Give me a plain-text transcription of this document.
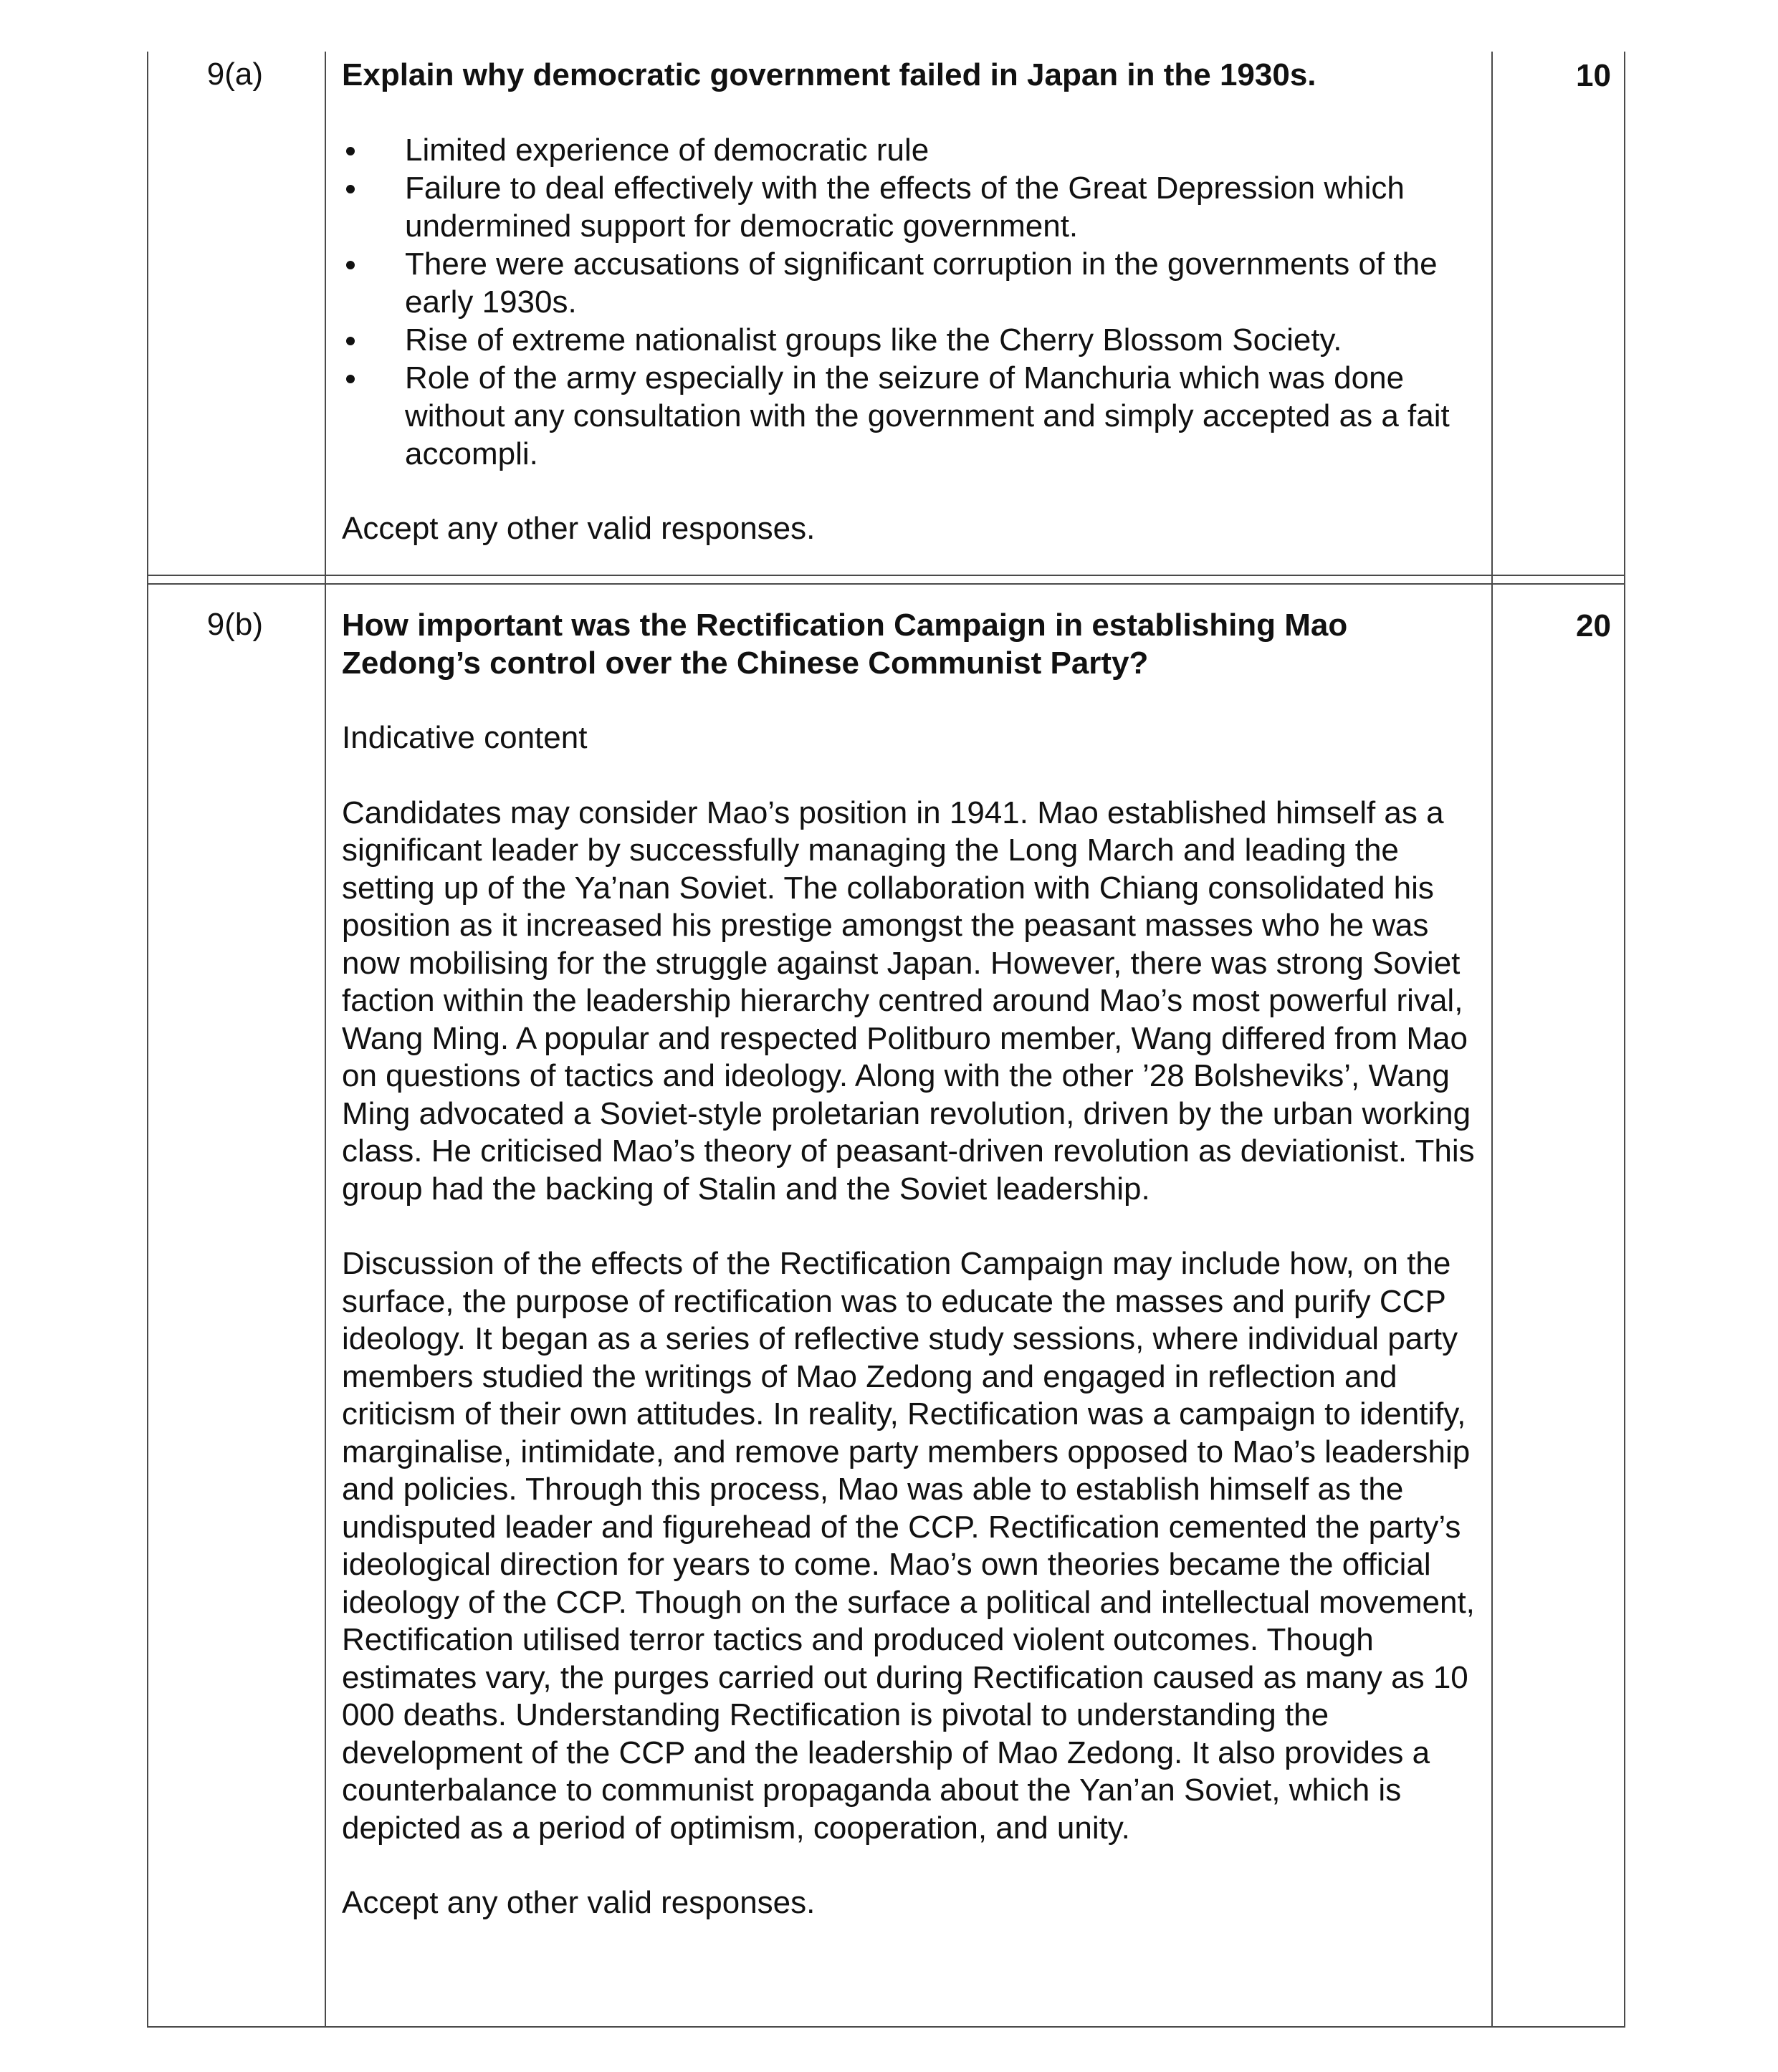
9(a)	Explain why democratic government failed in Japan in the 1930s.

Limited experience of democratic rule
Failure to deal effectively with the effects of the Great Depression which undermined support for democratic government.
There were accusations of significant corruption in the governments of the early 1930s.
Rise of extreme nationalist groups like the Cherry Blossom Society.
Role of the army especially in the seizure of Manchuria which was done without any consultation with the government and simply accepted as a fait accompli.

Accept any other valid responses.

10
9(b)	How important was the Rectification Campaign in establishing Mao Zedong’s control over the Chinese Communist Party?

Indicative content

Candidates may consider Mao’s position in 1941. Mao established himself as a significant leader by successfully managing the Long March and leading the setting up of the Ya’nan Soviet. The collaboration with Chiang consolidated his position as it increased his prestige amongst the peasant masses who he was now mobilising for the struggle against Japan. However, there was strong Soviet faction within the leadership hierarchy centred around Mao’s most powerful rival, Wang Ming. A popular and respected Politburo member, Wang differed from Mao on questions of tactics and ideology. Along with the other ’28 Bolsheviks’, Wang Ming advocated a Soviet-style proletarian revolution, driven by the urban working class. He criticised Mao’s theory of peasant-driven revolution as deviationist. This group had the backing of Stalin and the Soviet leadership.

Discussion of the effects of the Rectification Campaign may include how, on the surface, the purpose of rectification was to educate the masses and purify CCP ideology. It began as a series of reflective study sessions, where individual party members studied the writings of Mao Zedong and engaged in reflection and criticism of their own attitudes. In reality, Rectification was a campaign to identify, marginalise, intimidate, and remove party members opposed to Mao’s leadership and policies. Through this process, Mao was able to establish himself as the undisputed leader and figurehead of the CCP. Rectification cemented the party’s ideological direction for years to come. Mao’s own theories became the official ideology of the CCP. Though on the surface a political and intellectual movement, Rectification utilised terror tactics and produced violent outcomes. Though estimates vary, the purges carried out during Rectification caused as many as 10 000 deaths. Understanding Rectification is pivotal to understanding the development of the CCP and the leadership of Mao Zedong. It also provides a counterbalance to communist propaganda about the Yan’an Soviet, which is depicted as a period of optimism, cooperation, and unity.

Accept any other valid responses.

20
